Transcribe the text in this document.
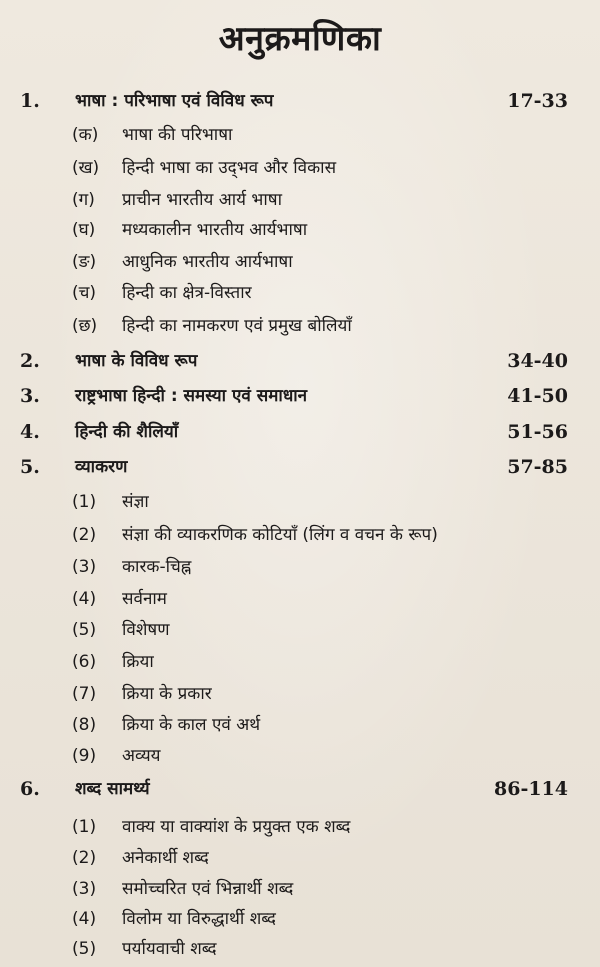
अनुक्रमणिका
1. भाषा : परिभाषा एवं विविध रूप	17-33
(क) भाषा की परिभाषा
(ख) हिन्दी भाषा का उद्‌भव और विकास
(ग) प्राचीन भारतीय आर्य भाषा
(घ) मध्यकालीन भारतीय आर्यभाषा
(ङ) आधुनिक भारतीय आर्यभाषा
(च) हिन्दी का क्षेत्र-विस्तार
(छ) हिन्दी का नामकरण एवं प्रमुख बोलियाँ
2. भाषा के विविध रूप	34-40
3. राष्ट्रभाषा हिन्दी : समस्या एवं समाधान	41-50
4. हिन्दी की शैलियाँ	51-56
5. व्याकरण	57-85
(1) संज्ञा
(2) संज्ञा की व्याकरणिक कोटियाँ (लिंग व वचन के रूप)
(3) कारक-चिह्न
(4) सर्वनाम
(5) विशेषण
(6) क्रिया
(7) क्रिया के प्रकार
(8) क्रिया के काल एवं अर्थ
(9) अव्यय
6. शब्द सामर्थ्य	86-114
(1) वाक्य या वाक्यांश के प्रयुक्त एक शब्द
(2) अनेकार्थी शब्द
(3) समोच्चरित एवं भिन्नार्थी शब्द
(4) विलोम या विरुद्धार्थी शब्द
(5) पर्यायवाची शब्द
